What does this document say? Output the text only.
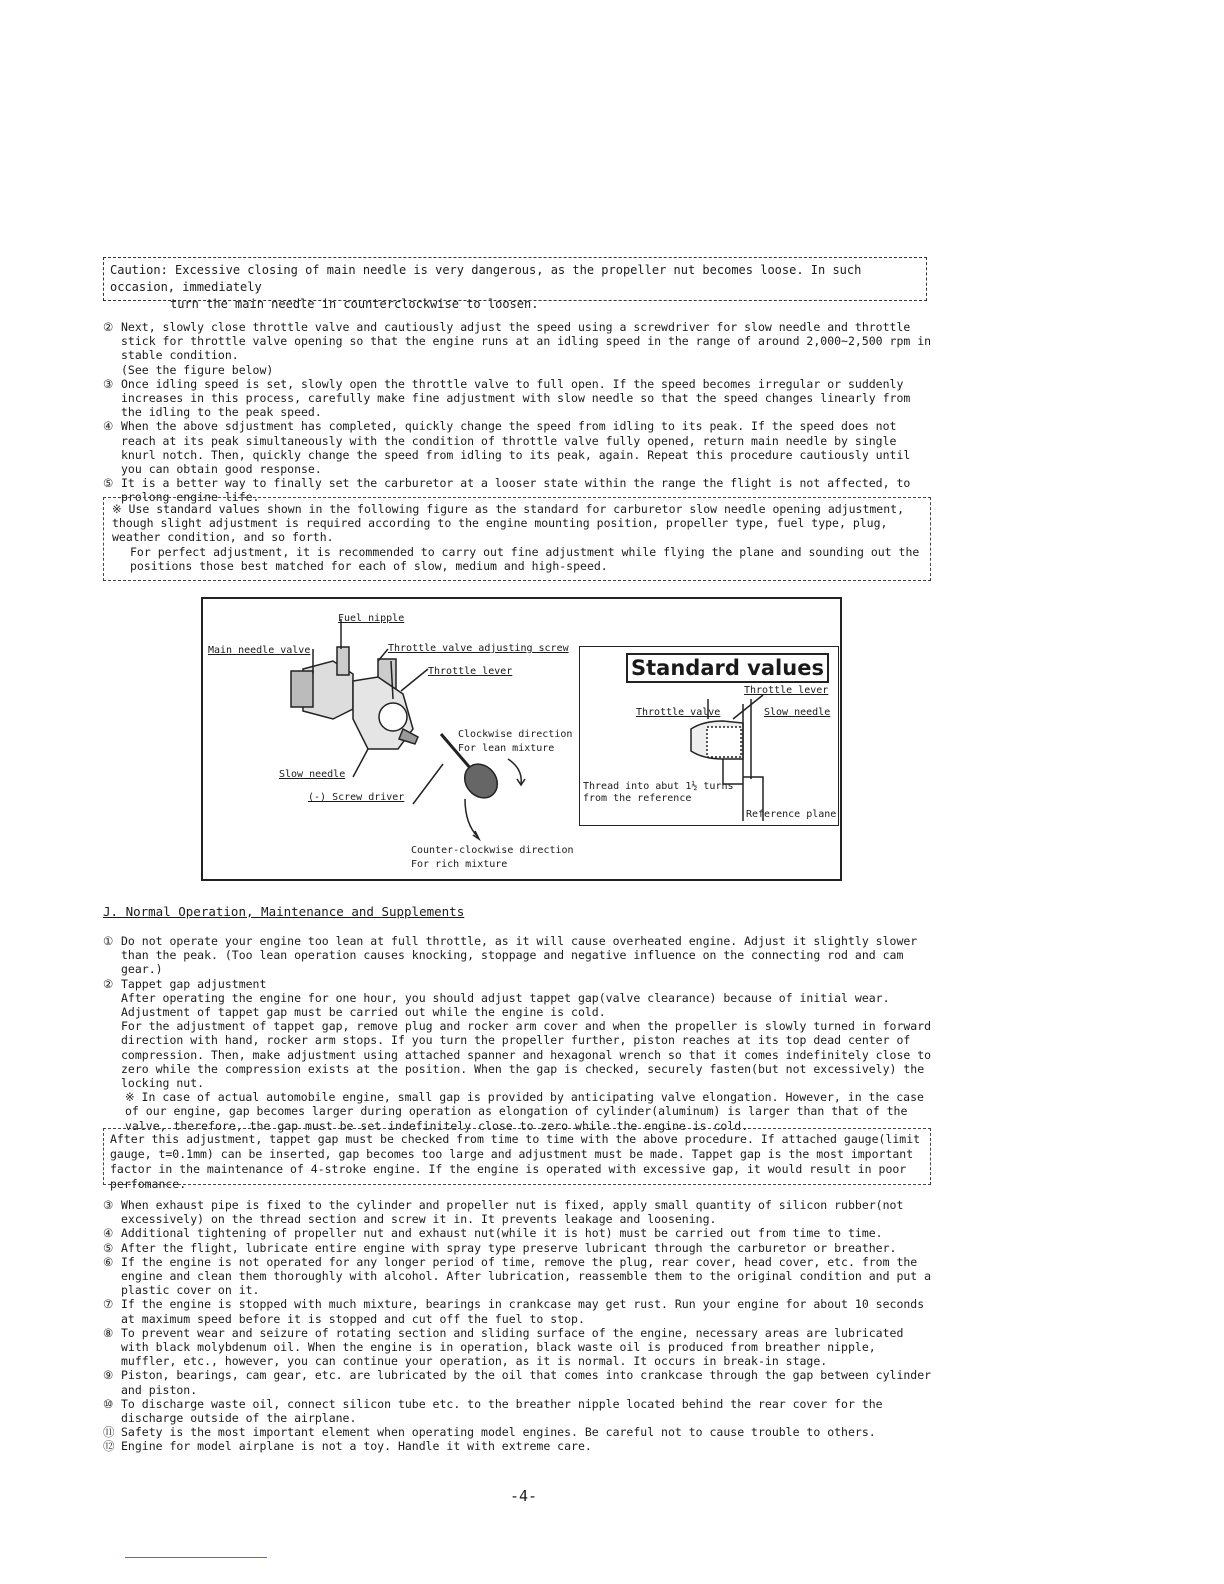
Caution: Excessive closing of main needle is very dangerous, as the propeller nut becomes loose. In such occasion, immediately
turn the main needle in counterclockwise to loosen.
② Next, slowly close throttle valve and cautiously adjust the speed using a screwdriver for slow needle and throttle stick for throttle valve opening so that the engine runs at an idling speed in the range of around 2,000~2,500 rpm in stable condition.
(See the figure below)
③ Once idling speed is set, slowly open the throttle valve to full open. If the speed becomes irregular or suddenly increases in this process, carefully make fine adjustment with slow needle so that the speed changes linearly from the idling to the peak speed.
④ When the above sdjustment has completed, quickly change the speed from idling to its peak. If the speed does not reach at its peak simultaneously with the condition of throttle valve fully opened, return main needle by single knurl notch. Then, quickly change the speed from idling to its peak, again. Repeat this procedure cautiously until you can obtain good response.
⑤ It is a better way to finally set the carburetor at a looser state within the range the flight is not affected, to prolong engine life.
※ Use standard values shown in the following figure as the standard for carburetor slow needle opening adjustment, though slight adjustment is required according to the engine mounting position, propeller type, fuel type, plug, weather condition, and so forth.
For perfect adjustment, it is recommended to carry out fine adjustment while flying the plane and sounding out the positions those best matched for each of slow, medium and high-speed.
Fuel nipple
Main needle valve	Throttle valve adjusting screw
Throttle lever
Clockwise direction
For lean mixture
Slow needle
(-) Screw driver
Counter-clockwise direction
For rich mixture
Standard values
Throttle lever
Throttle valve	Slow needle
Thread into abut 1½ turns
from the reference
Reference plane
J. Normal Operation, Maintenance and Supplements
① Do not operate your engine too lean at full throttle, as it will cause overheated engine. Adjust it slightly slower than the peak. (Too lean operation causes knocking, stoppage and negative influence on the connecting rod and cam gear.)
② Tappet gap adjustment
After operating the engine for one hour, you should adjust tappet gap(valve clearance) because of initial wear. Adjustment of tappet gap must be carried out while the engine is cold.
For the adjustment of tappet gap, remove plug and rocker arm cover and when the propeller is slowly turned in forward direction with hand, rocker arm stops. If you turn the propeller further, piston reaches at its top dead center of compression. Then, make adjustment using attached spanner and hexagonal wrench so that it comes indefinitely close to zero while the compression exists at the position. When the gap is checked, securely fasten(but not excessively) the locking nut.
※ In case of actual automobile engine, small gap is provided by anticipating valve elongation. However, in the case of our engine, gap becomes larger during operation as elongation of cylinder(aluminum) is larger than that of the valve, therefore, the gap must be set indefinitely close to zero while the engine is cold.
After this adjustment, tappet gap must be checked from time to time with the above procedure. If attached gauge(limit gauge, t=0.1mm) can be inserted, gap becomes too large and adjustment must be made. Tappet gap is the most important factor in the maintenance of 4-stroke engine. If the engine is operated with excessive gap, it would result in poor perfomance.
③ When exhaust pipe is fixed to the cylinder and propeller nut is fixed, apply small quantity of silicon rubber(not excessively) on the thread section and screw it in. It prevents leakage and loosening.
④ Additional tightening of propeller nut and exhaust nut(while it is hot) must be carried out from time to time.
⑤ After the flight, lubricate entire engine with spray type preserve lubricant through the carburetor or breather.
⑥ If the engine is not operated for any longer period of time, remove the plug, rear cover, head cover, etc. from the engine and clean them thoroughly with alcohol. After lubrication, reassemble them to the original condition and put a plastic cover on it.
⑦ If the engine is stopped with much mixture, bearings in crankcase may get rust. Run your engine for about 10 seconds at maximum speed before it is stopped and cut off the fuel to stop.
⑧ To prevent wear and seizure of rotating section and sliding surface of the engine, necessary areas are lubricated with black molybdenum oil. When the engine is in operation, black waste oil is produced from breather nipple, muffler, etc., however, you can continue your operation, as it is normal. It occurs in break-in stage.
⑨ Piston, bearings, cam gear, etc. are lubricated by the oil that comes into crankcase through the gap between cylinder and piston.
⑩ To discharge waste oil, connect silicon tube etc. to the breather nipple located behind the rear cover for the discharge outside of the airplane.
⑪ Safety is the most important element when operating model engines. Be careful not to cause trouble to others.
⑫ Engine for model airplane is not a toy. Handle it with extreme care.
-4-
